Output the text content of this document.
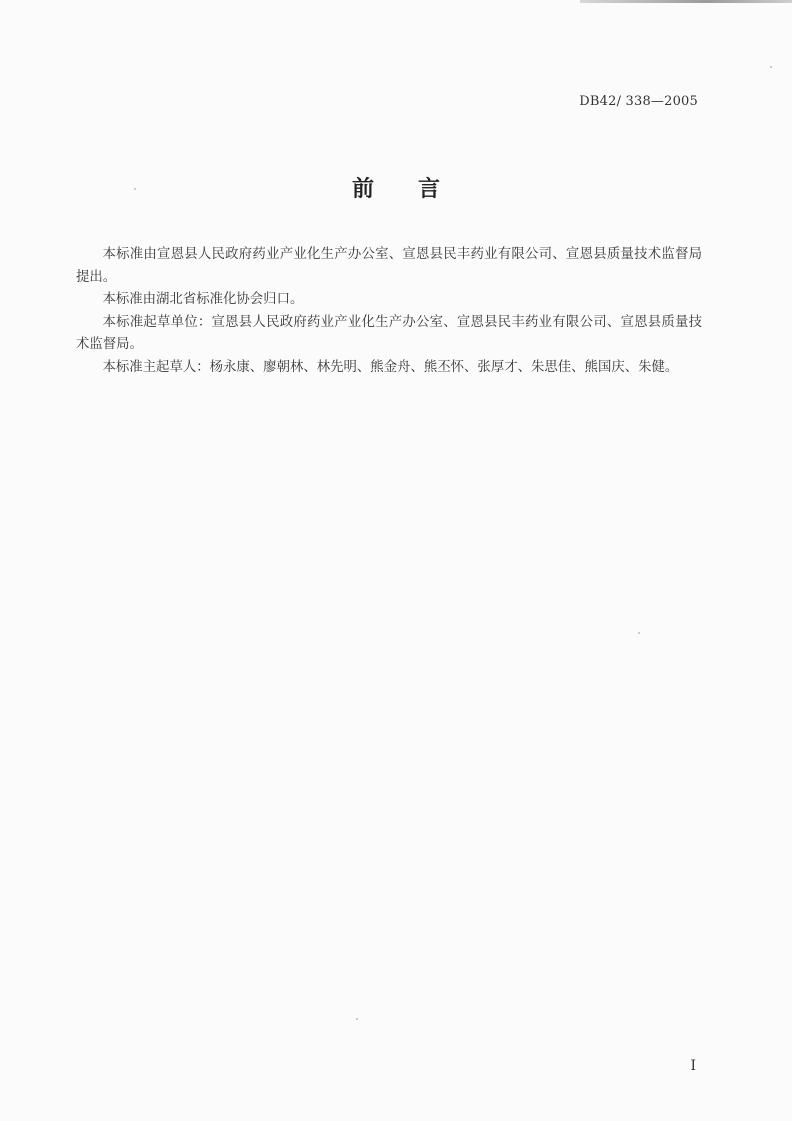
DB42/ 338—2005
前言

本标准由宣恩县人民政府药业产业化生产办公室、宣恩县民丰药业有限公司、宣恩县质量技术监督局提出。

本标准由湖北省标准化协会归口。

本标准起草单位：宣恩县人民政府药业产业化生产办公室、宣恩县民丰药业有限公司、宣恩县质量技术监督局。

本标准主起草人：杨永康、廖朝林、林先明、熊金舟、熊丕怀、张厚才、朱思佳、熊国庆、朱健。

I
